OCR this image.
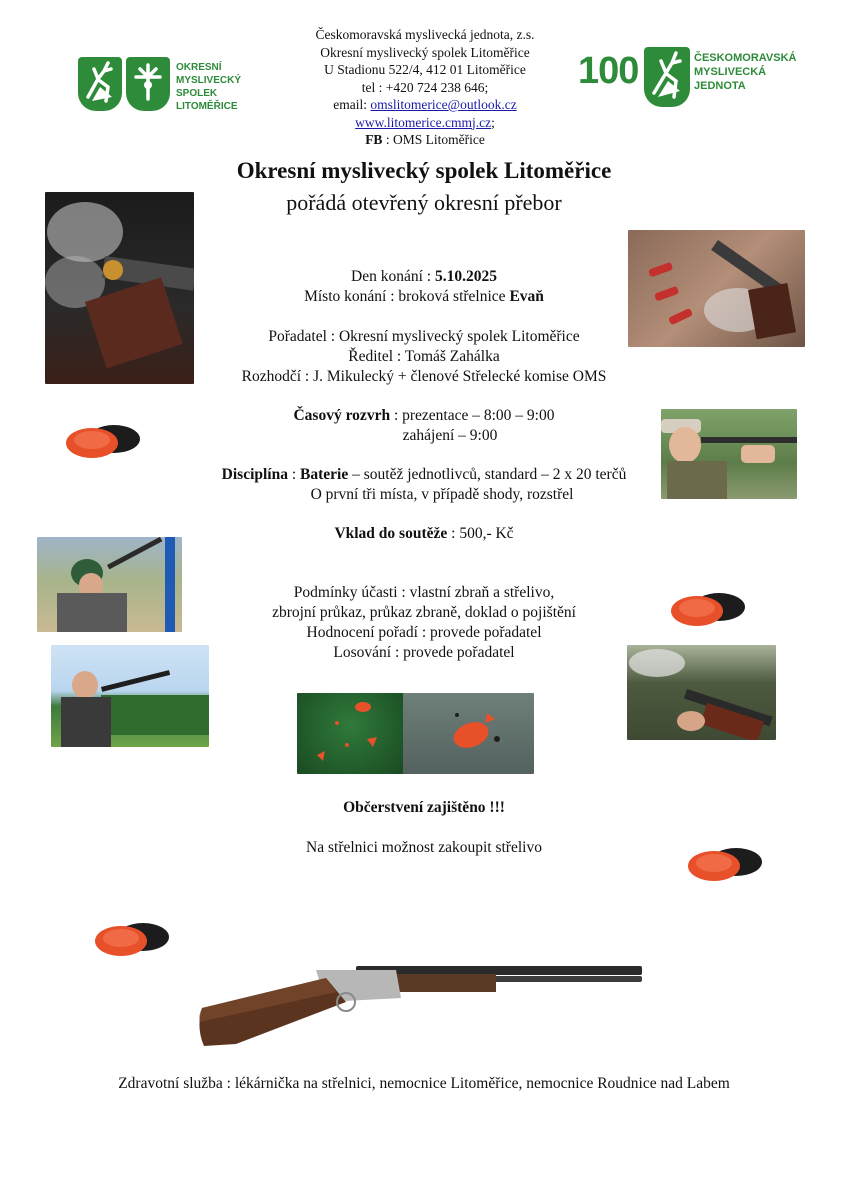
Českomoravská myslivecká jednota, z.s.
Okresní myslivecký spolek Litoměřice
U Stadionu 522/4, 412 01 Litoměřice
tel : +420 724 238 646;
email: omslitomerice@outlook.cz
www.litomerice.cmmj.cz;
FB : OMS Litoměřice
OKRESNÍ
MYSLIVECKÝ SPOLEK
LITOMĚŘICE
100	ČESKOMORAVSKÁ
MYSLIVECKÁ
JEDNOTA
Okresní myslivecký spolek Litoměřice
pořádá otevřený okresní přebor
Den konání : 5.10.2025
Místo konání : broková střelnice Evaň
Pořadatel : Okresní myslivecký spolek Litoměřice
Ředitel : Tomáš Zahálka
Rozhodčí : J. Mikulecký + členové Střelecké komise OMS
Časový rozvrh : prezentace – 8:00 – 9:00
zahájení – 9:00
Disciplína : Baterie – soutěž jednotlivců, standard – 2 x 20 terčů
O první tři místa, v případě shody, rozstřel
Vklad do soutěže : 500,- Kč
Podmínky účasti : vlastní zbraň a střelivo,
zbrojní průkaz, průkaz zbraně, doklad o pojištění
Hodnocení pořadí : provede pořadatel
Losování : provede pořadatel
Občerstvení zajištěno !!!
Na střelnici možnost zakoupit střelivo
Zdravotní služba : lékárnička na střelnici, nemocnice Litoměřice, nemocnice Roudnice nad Labem
